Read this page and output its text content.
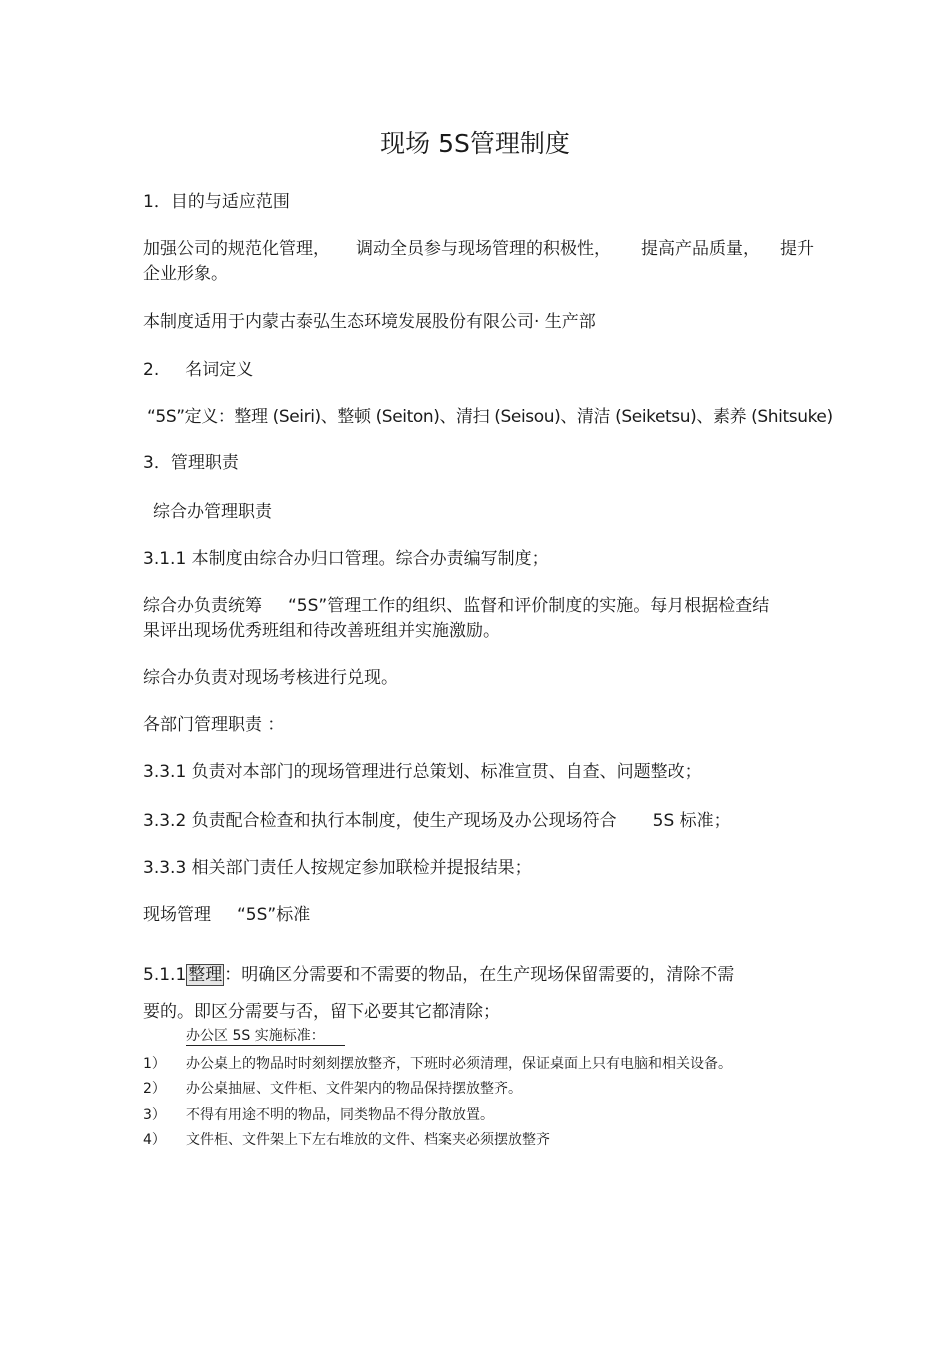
现场 5S管理制度
1．目的与适应范围
加强公司的规范化管理， 调动全员参与现场管理的积极性， 提高产品质量， 提升
企业形象。
本制度适用于内蒙古泰弘生态环境发展股份有限公司· 生产部
2. 名词定义
“5S”定义：整理 (Seiri)、整顿 (Seiton)、清扫 (Seisou)、清洁 (Seiketsu)、素养 (Shitsuke)
3．管理职责
综合办管理职责
3.1.1 本制度由综合办归口管理。综合办责编写制度；
综合办负责统筹 “5S”管理工作的组织、监督和评价制度的实施。每月根据检查结
果评出现场优秀班组和待改善班组并实施激励。
综合办负责对现场考核进行兑现。
各部门管理职责 ：
3.3.1 负责对本部门的现场管理进行总策划、标准宣贯、自查、问题整改；
3.3.2 负责配合检查和执行本制度，使生产现场及办公现场符合 5S 标准；
3.3.3 相关部门责任人按规定参加联检并提报结果；
现场管理 “5S”标准
5.1.1 整理 ：明确区分需要和不需要的物品，在生产现场保留需要的，清除不需
要的。即区分需要与否，留下必要其它都清除；
办公区 5S 实施标准：
1） 办公桌上的物品时时刻刻摆放整齐，下班时必须清理，保证桌面上只有电脑和相关设备。
2） 办公桌抽屉、文件柜、文件架内的物品保持摆放整齐。
3） 不得有用途不明的物品，同类物品不得分散放置。
4） 文件柜、文件架上下左右堆放的文件、档案夹必须摆放整齐
